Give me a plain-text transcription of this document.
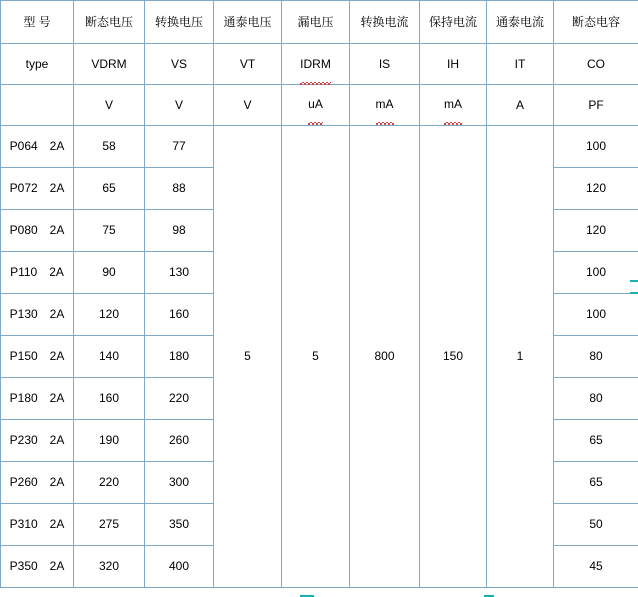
型 号	断态电压	转换电压	通泰电压	漏电压	转换电流	保持电流	通泰电流	断态电容
type	VDRM	VS	VT	IDRM	IS	IH	IT	CO
	V	V	V	uA	mA	mA	A	PF
P064 2A	58	77	5	5	800	150	1	100
P072 2A	65	88						120
P080 2A	75	98						120
P110 2A	90	130						100
P130 2A	120	160						100
P150 2A	140	180						80
P180 2A	160	220						80
P230 2A	190	260						65
P260 2A	220	300						65
P310 2A	275	350						50
P350 2A	320	400						45
